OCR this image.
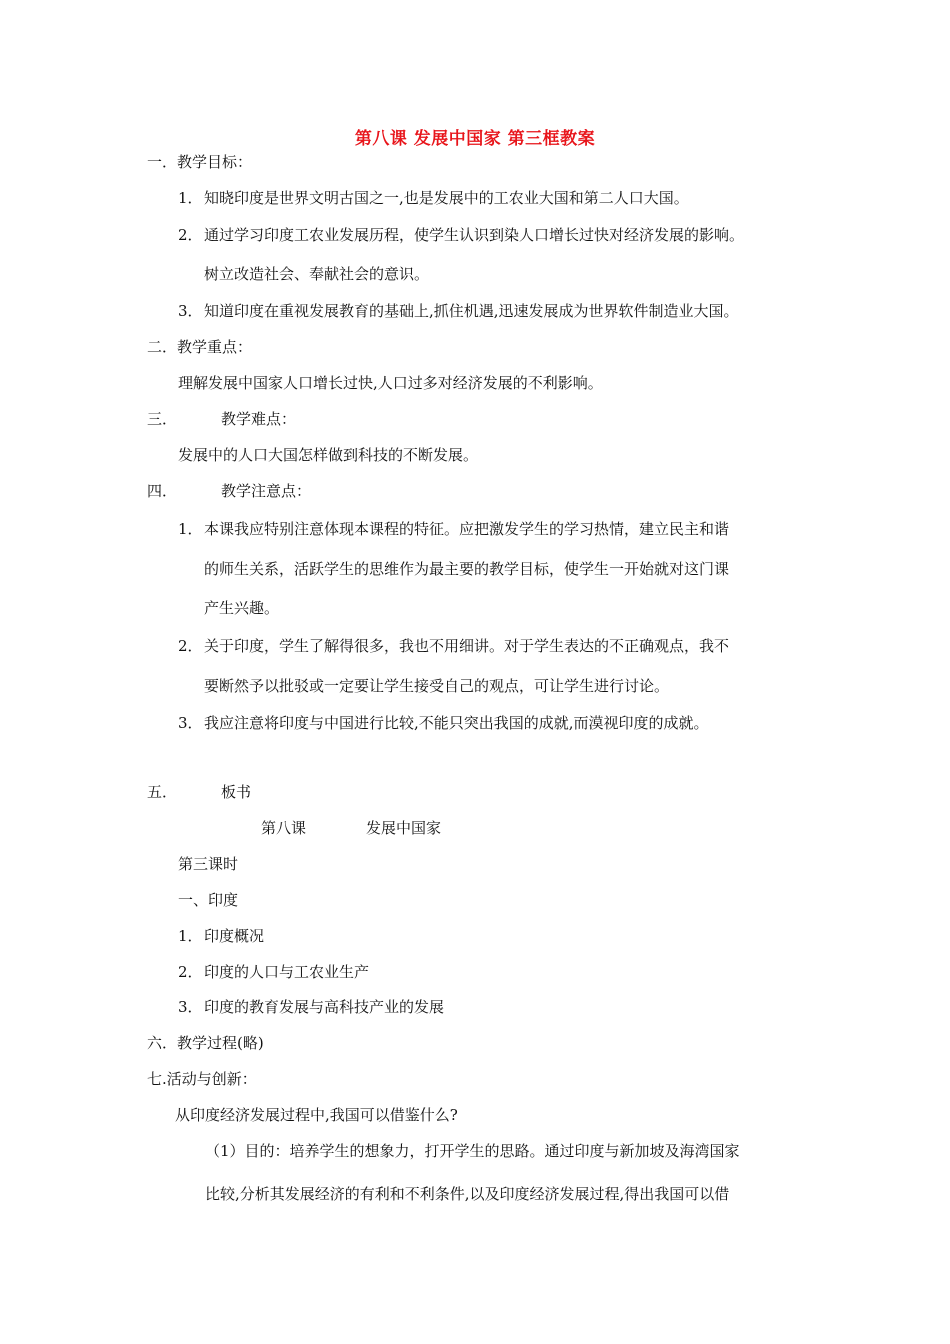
第八课 发展中国家 第三框教案
一．教学目标：
1．知晓印度是世界文明古国之一,也是发展中的工农业大国和第二人口大国。
2．通过学习印度工农业发展历程，使学生认识到染人口增长过快对经济发展的影响。
树立改造社会、奉献社会的意识。
3．知道印度在重视发展教育的基础上,抓住机遇,迅速发展成为世界软件制造业大国。
二．教学重点：
理解发展中国家人口增长过快,人口过多对经济发展的不利影响。
三．	教学难点：
发展中的人口大国怎样做到科技的不断发展。
四．	教学注意点：
1．本课我应特别注意体现本课程的特征。应把激发学生的学习热情，建立民主和谐
的师生关系，活跃学生的思维作为最主要的教学目标，使学生一开始就对这门课
产生兴趣。
2．关于印度，学生了解得很多，我也不用细讲。对于学生表达的不正确观点，我不
要断然予以批驳或一定要让学生接受自己的观点，可让学生进行讨论。
3．我应注意将印度与中国进行比较,不能只突出我国的成就,而漠视印度的成就。
五．	板书
第八课	发展中国家
第三课时
一、印度
1．印度概况
2．印度的人口与工农业生产
3．印度的教育发展与高科技产业的发展
六．教学过程(略)
七.活动与创新：
从印度经济发展过程中,我国可以借鉴什么?
（1）目的：培养学生的想象力，打开学生的思路。通过印度与新加坡及海湾国家
比较,分析其发展经济的有利和不利条件,以及印度经济发展过程,得出我国可以借
